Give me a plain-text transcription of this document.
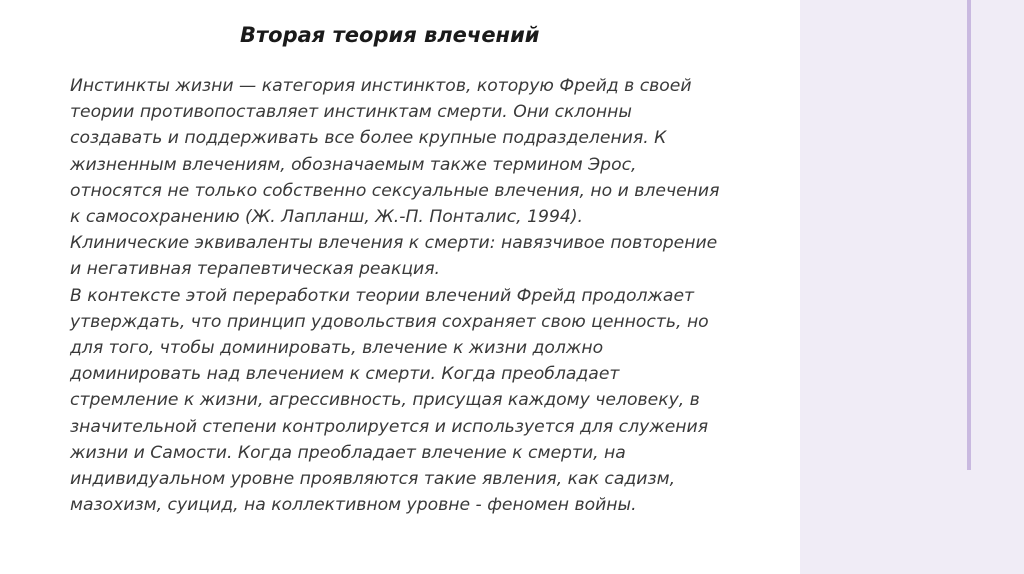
Вторая теория влечений
Инстинкты жизни — категория инстинктов, которую Фрейд в своей
теории противопоставляет инстинктам смерти. Они склонны
создавать и поддерживать все более крупные подразделения. К
жизненным влечениям, обозначаемым также термином Эрос,
относятся не только собственно сексуальные влечения, но и влечения
к самосохранению (Ж. Лапланш, Ж.-П. Понталис, 1994).
Клинические эквиваленты влечения к смерти: навязчивое повторение
и негативная терапевтическая реакция.
В контексте этой переработки теории влечений Фрейд продолжает
утверждать, что принцип удовольствия сохраняет свою ценность, но
для того, чтобы доминировать, влечение к жизни должно
доминировать над влечением к смерти. Когда преобладает
стремление к жизни, агрессивность, присущая каждому человеку, в
значительной степени контролируется и используется для служения
жизни и Самости. Когда преобладает влечение к смерти, на
индивидуальном уровне проявляются такие явления, как садизм,
мазохизм, суицид, на коллективном уровне - феномен войны.
